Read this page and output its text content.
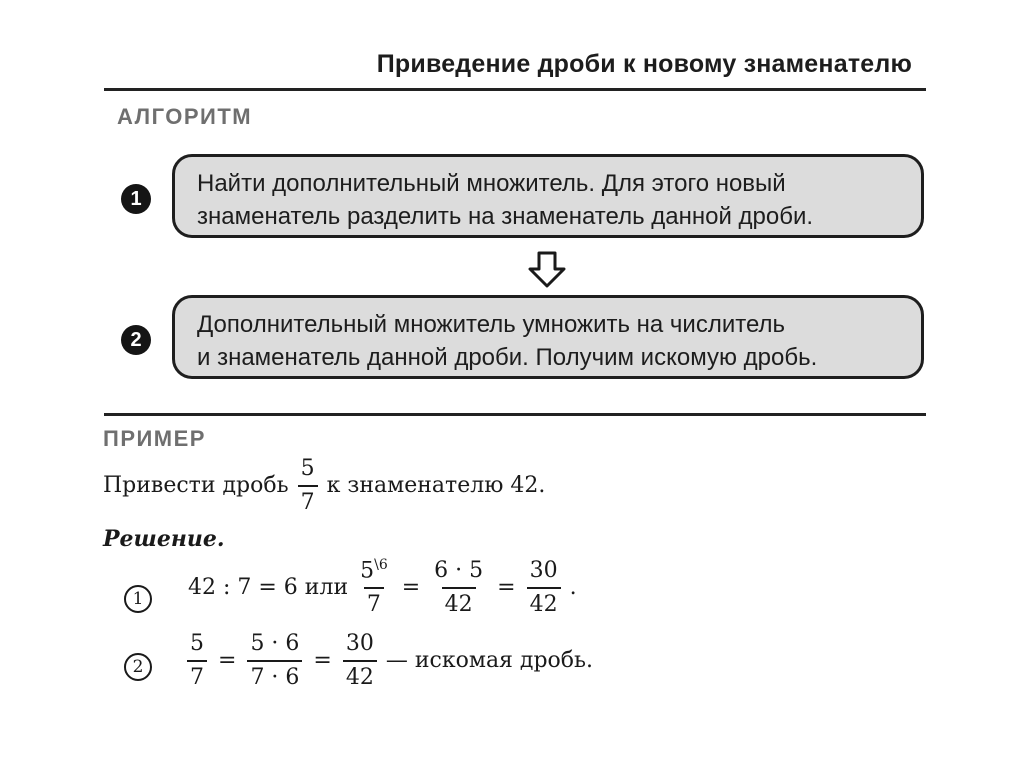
Приведение дроби к новому знаменателю
АЛГОРИТМ
1
Найти дополнительный множитель. Для этого новый
знаменатель разделить на знаменатель данной дроби.
2
Дополнительный множитель умножить на числитель
и знаменатель данной дроби. Получим искомую дробь.
ПРИМЕР
Привести дробь $\frac{5}{7}$ к знаменателю 42.
Решение.
1	42 : 7 = 6 или $\frac{5^{\backslash 6}}{7} = \frac{6 \cdot 5}{42} = \frac{30}{42}$ .
2	$\frac{5}{7} = \frac{5 \cdot 6}{7 \cdot 6} = \frac{30}{42}$ — искомая дробь.
